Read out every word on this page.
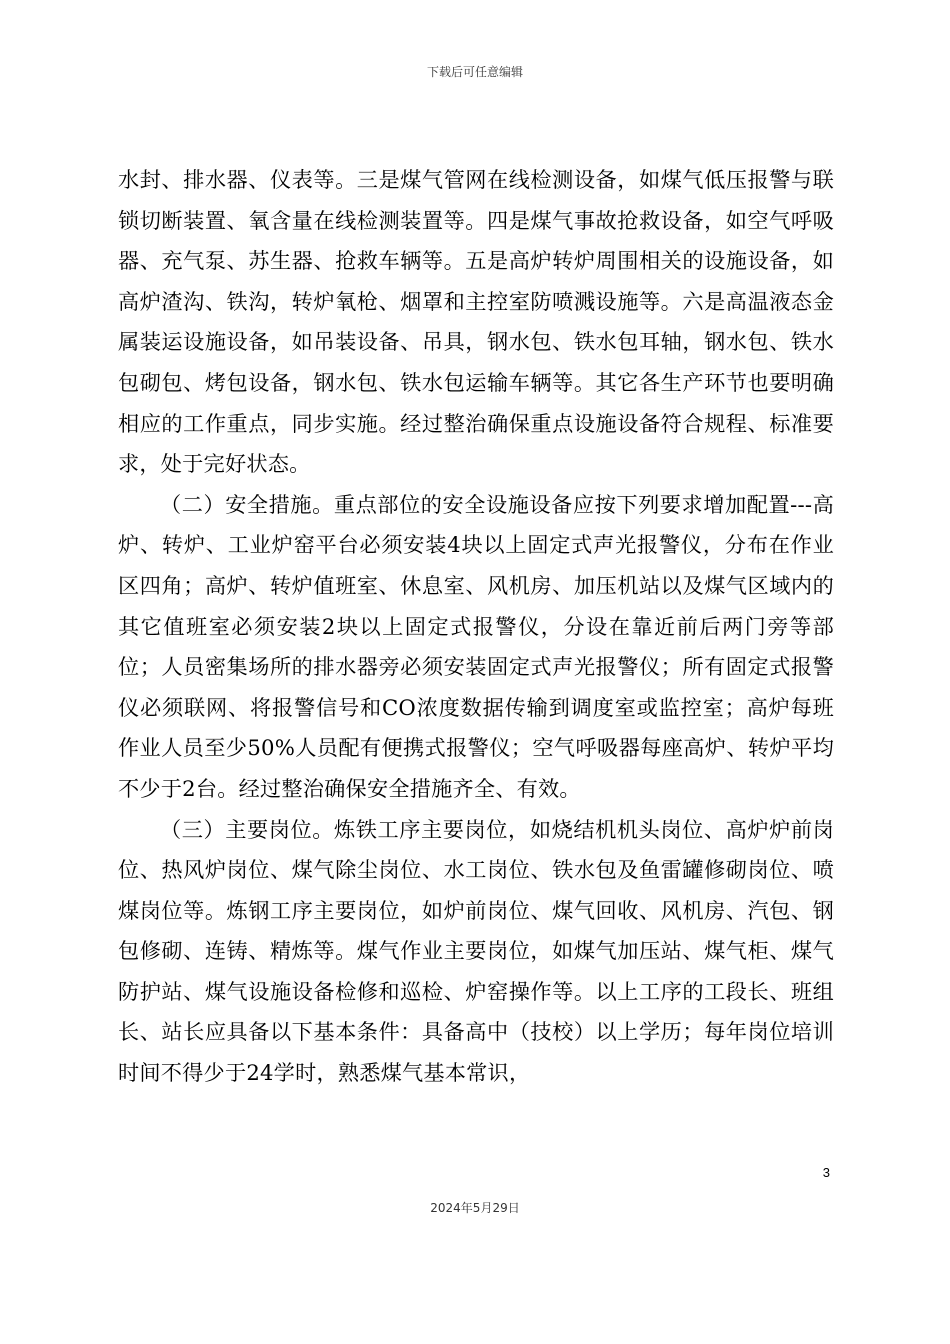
下载后可任意编辑

水封、排水器、仪表等。三是煤气管网在线检测设备，如煤气低压报警与联锁切断装置、氧含量在线检测装置等。四是煤气事故抢救设备，如空气呼吸器、充气泵、苏生器、抢救车辆等。五是高炉转炉周围相关的设施设备，如高炉渣沟、铁沟，转炉氧枪、烟罩和主控室防喷溅设施等。六是高温液态金属装运设施设备，如吊装设备、吊具，钢水包、铁水包耳轴，钢水包、铁水包砌包、烤包设备，钢水包、铁水包运输车辆等。其它各生产环节也要明确相应的工作重点，同步实施。经过整治确保重点设施设备符合规程、标准要求，处于完好状态。

（二）安全措施。重点部位的安全设施设备应按下列要求增加配置---高炉、转炉、工业炉窑平台必须安装4块以上固定式声光报警仪，分布在作业区四角；高炉、转炉值班室、休息室、风机房、加压机站以及煤气区域内的其它值班室必须安装2块以上固定式报警仪，分设在靠近前后两门旁等部位；人员密集场所的排水器旁必须安装固定式声光报警仪；所有固定式报警仪必须联网、将报警信号和CO浓度数据传输到调度室或监控室；高炉每班作业人员至少50%人员配有便携式报警仪；空气呼吸器每座高炉、转炉平均不少于2台。经过整治确保安全措施齐全、有效。

（三）主要岗位。炼铁工序主要岗位，如烧结机机头岗位、高炉炉前岗位、热风炉岗位、煤气除尘岗位、水工岗位、铁水包及鱼雷罐修砌岗位、喷煤岗位等。炼钢工序主要岗位，如炉前岗位、煤气回收、风机房、汽包、钢包修砌、连铸、精炼等。煤气作业主要岗位，如煤气加压站、煤气柜、煤气防护站、煤气设施设备检修和巡检、炉窑操作等。以上工序的工段长、班组长、站长应具备以下基本条件：具备高中（技校）以上学历；每年岗位培训时间不得少于24学时，熟悉煤气基本常识，

3
2024年5月29日
